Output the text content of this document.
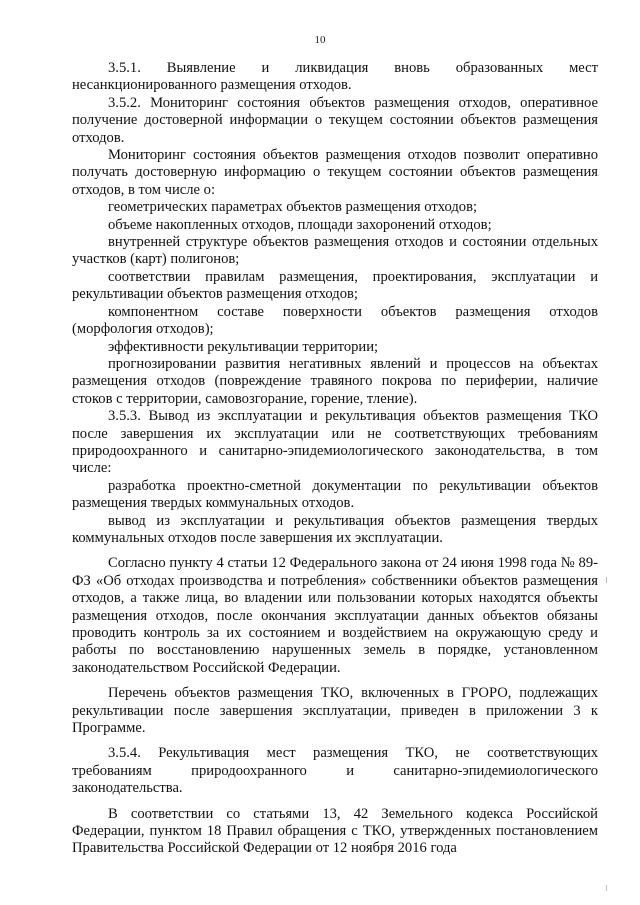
10

3.5.1. Выявление и ликвидация вновь образованных мест несанкционированного размещения отходов.

3.5.2. Мониторинг состояния объектов размещения отходов, оперативное получение достоверной информации о текущем состоянии объектов размещения отходов.

Мониторинг состояния объектов размещения отходов позволит оперативно получать достоверную информацию о текущем состоянии объектов размещения отходов, в том числе о:

геометрических параметрах объектов размещения отходов;

объеме накопленных отходов, площади захоронений отходов;

внутренней структуре объектов размещения отходов и состоянии отдельных участков (карт) полигонов;

соответствии правилам размещения, проектирования, эксплуатации и рекультивации объектов размещения отходов;

компонентном составе поверхности объектов размещения отходов (морфология отходов);

эффективности рекультивации территории;

прогнозировании развития негативных явлений и процессов на объектах размещения отходов (повреждение травяного покрова по периферии, наличие стоков с территории, самовозгорание, горение, тление).

3.5.3. Вывод из эксплуатации и рекультивация объектов размещения ТКО после завершения их эксплуатации или не соответствующих требованиям природоохранного и санитарно-эпидемиологического законодательства, в том числе:

разработка проектно-сметной документации по рекультивации объектов размещения твердых коммунальных отходов.

вывод из эксплуатации и рекультивация объектов размещения твердых коммунальных отходов после завершения их эксплуатации.

Согласно пункту 4 статьи 12 Федерального закона от 24 июня 1998 года № 89-ФЗ «Об отходах производства и потребления» собственники объектов размещения отходов, а также лица, во владении или пользовании которых находятся объекты размещения отходов, после окончания эксплуатации данных объектов обязаны проводить контроль за их состоянием и воздействием на окружающую среду и работы по восстановлению нарушенных земель в порядке, установленном законодательством Российской Федерации.

Перечень объектов размещения ТКО, включенных в ГРОРО, подлежащих рекультивации после завершения эксплуатации, приведен в приложении 3 к Программе.

3.5.4. Рекультивация мест размещения ТКО, не соответствующих требованиям природоохранного и санитарно-эпидемиологического законодательства.

В соответствии со статьями 13, 42 Земельного кодекса Российской Федерации, пунктом 18 Правил обращения с ТКО, утвержденных постановлением Правительства Российской Федерации от 12 ноября 2016 года
